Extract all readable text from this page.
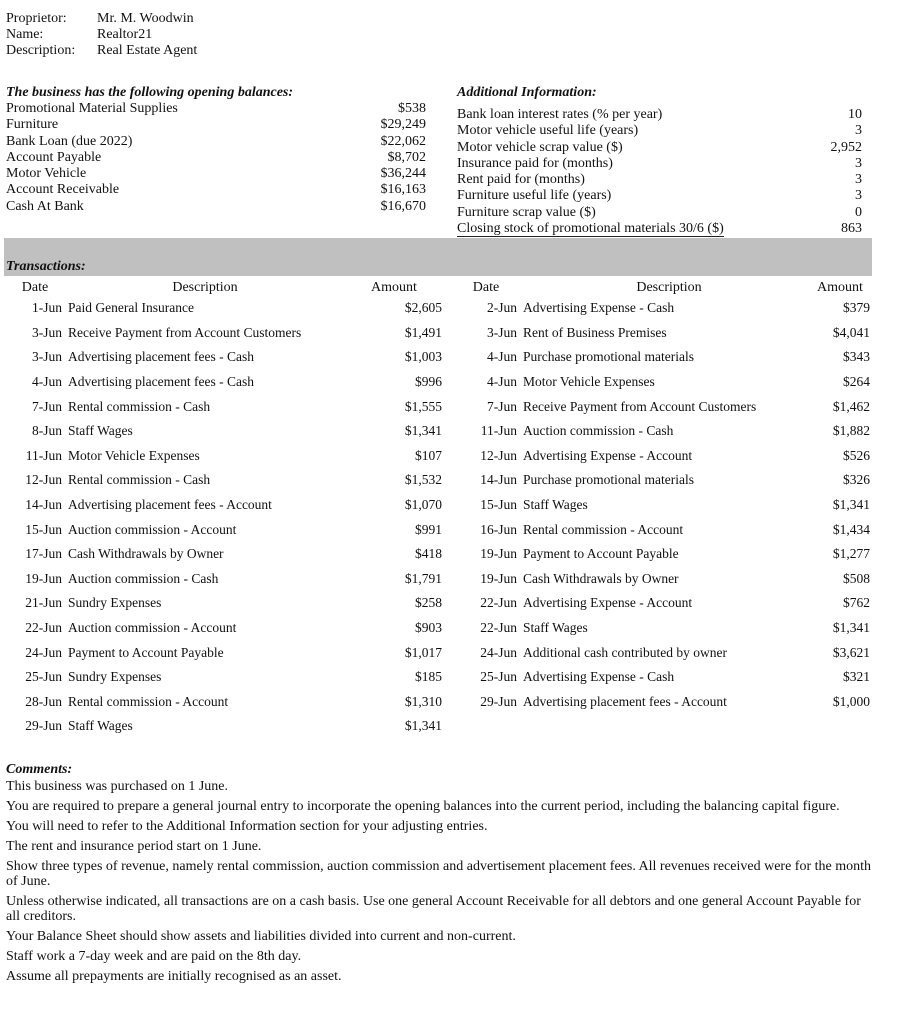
Proprietor:	Mr. M. Woodwin
Name:	Realtor21
Description:	Real Estate Agent
The business has the following opening balances:
Promotional Material Supplies	$538
Furniture	$29,249
Bank Loan (due 2022)	$22,062
Account Payable	$8,702
Motor Vehicle	$36,244
Account Receivable	$16,163
Cash At Bank	$16,670
Additional Information:
Bank loan interest rates (% per year)	10
Motor vehicle useful life (years)	3
Motor vehicle scrap value ($)	2,952
Insurance paid for (months)	3
Rent paid for (months)	3
Furniture useful life (years)	3
Furniture scrap value ($)	0
Closing stock of promotional materials 30/6 ($)	863
Transactions:
Date	Description	Amount	Date	Description	Amount
1-Jun Paid General Insurance	$2,605
3-Jun Receive Payment from Account Customers	$1,491
3-Jun Advertising placement fees - Cash	$1,003
4-Jun Advertising placement fees - Cash	$996
7-Jun Rental commission - Cash	$1,555
8-Jun Staff Wages	$1,341
11-Jun Motor Vehicle Expenses	$107
12-Jun Rental commission - Cash	$1,532
14-Jun Advertising placement fees - Account	$1,070
15-Jun Auction commission - Account	$991
17-Jun Cash Withdrawals by Owner	$418
19-Jun Auction commission - Cash	$1,791
21-Jun Sundry Expenses	$258
22-Jun Auction commission - Account	$903
24-Jun Payment to Account Payable	$1,017
25-Jun Sundry Expenses	$185
28-Jun Rental commission - Account	$1,310
29-Jun Staff Wages	$1,341
2-Jun Advertising Expense - Cash	$379
3-Jun Rent of Business Premises	$4,041
4-Jun Purchase promotional materials	$343
4-Jun Motor Vehicle Expenses	$264
7-Jun Receive Payment from Account Customers	$1,462
11-Jun Auction commission - Cash	$1,882
12-Jun Advertising Expense - Account	$526
14-Jun Purchase promotional materials	$326
15-Jun Staff Wages	$1,341
16-Jun Rental commission - Account	$1,434
19-Jun Payment to Account Payable	$1,277
19-Jun Cash Withdrawals by Owner	$508
22-Jun Advertising Expense - Account	$762
22-Jun Staff Wages	$1,341
24-Jun Additional cash contributed by owner	$3,621
25-Jun Advertising Expense - Cash	$321
29-Jun Advertising placement fees - Account	$1,000
Comments:

This business was purchased on 1 June.

You are required to prepare a general journal entry to incorporate the opening balances into the current period, including the balancing capital figure.

You will need to refer to the Additional Information section for your adjusting entries.

The rent and insurance period start on 1 June.

Show three types of revenue, namely rental commission, auction commission and advertisement placement fees. All revenues received were for the month of June.

Unless otherwise indicated, all transactions are on a cash basis. Use one general Account Receivable for all debtors and one general Account Payable for all creditors.

Your Balance Sheet should show assets and liabilities divided into current and non-current.

Staff work a 7-day week and are paid on the 8th day.

Assume all prepayments are initially recognised as an asset.
